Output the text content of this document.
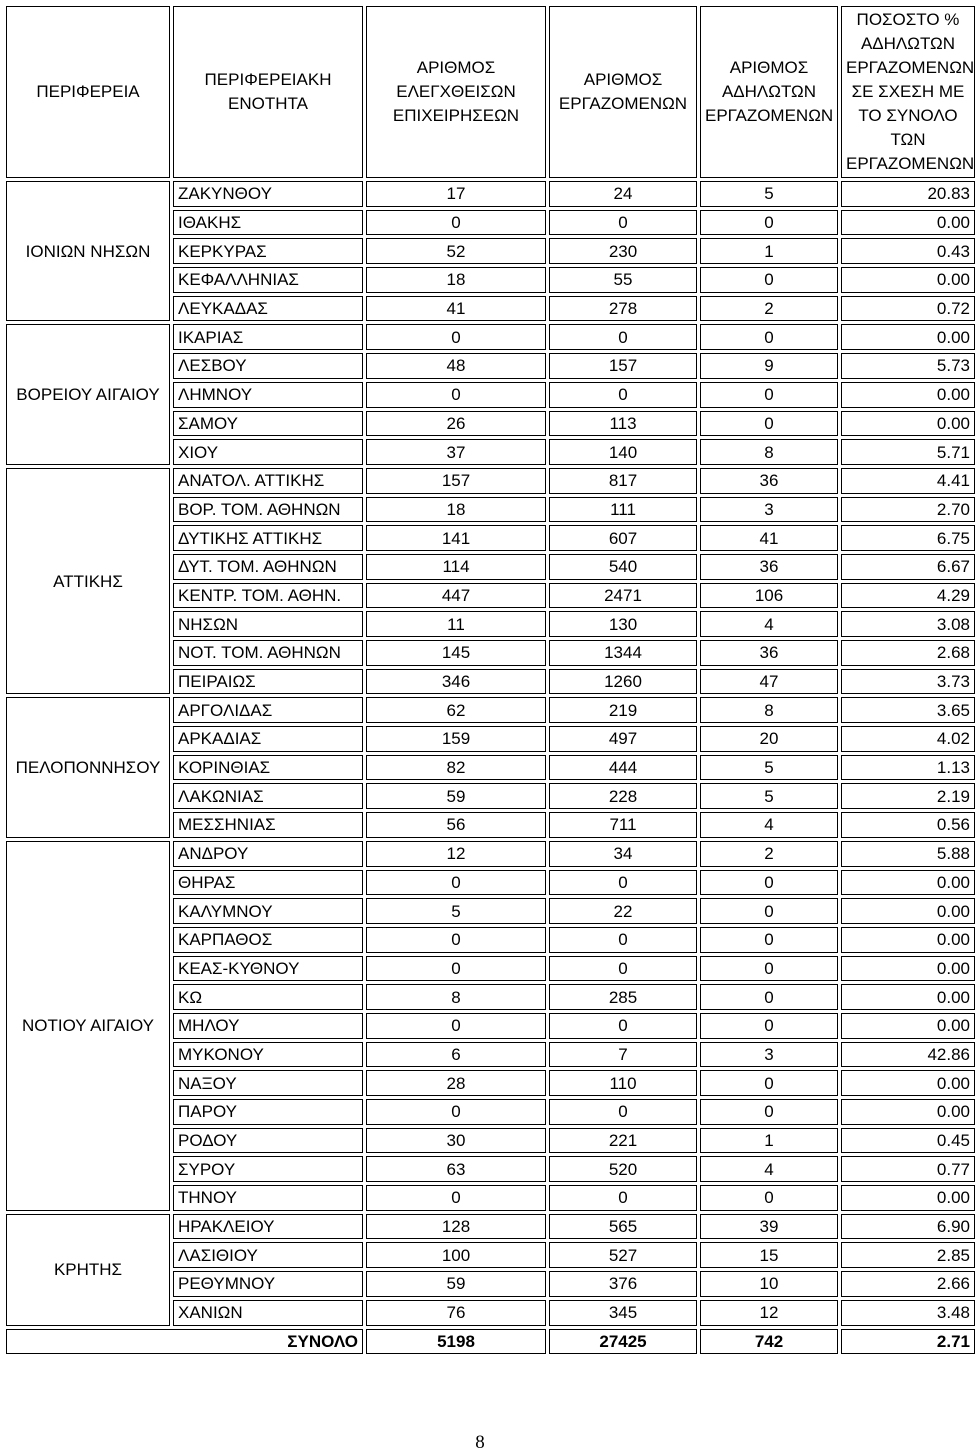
ΠΕΡΙΦΕΡΕΙΑ	ΠΕΡΙΦΕΡΕΙΑΚΗ ΕΝΟΤΗΤΑ	ΑΡΙΘΜΟΣ ΕΛΕΓΧΘΕΙΣΩΝ ΕΠΙΧΕΙΡΗΣΕΩΝ	ΑΡΙΘΜΟΣ ΕΡΓΑΖΟΜΕΝΩΝ	ΑΡΙΘΜΟΣ ΑΔΗΛΩΤΩΝ ΕΡΓΑΖΟΜΕΝΩΝ	ΠΟΣΟΣΤΟ % ΑΔΗΛΩΤΩΝ ΕΡΓΑΖΟΜΕΝΩΝ ΣΕ ΣΧΕΣΗ ΜΕ ΤΟ ΣΥΝΟΛΟ ΤΩΝ ΕΡΓΑΖΟΜΕΝΩΝ
ΙΟΝΙΩΝ ΝΗΣΩΝ	ΖΑΚΥΝΘΟΥ	17	24	5	20.83
	ΙΘΑΚΗΣ	0	0	0	0.00
	ΚΕΡΚΥΡΑΣ	52	230	1	0.43
	ΚΕΦΑΛΛΗΝΙΑΣ	18	55	0	0.00
	ΛΕΥΚΑΔΑΣ	41	278	2	0.72
ΒΟΡΕΙΟΥ ΑΙΓΑΙΟΥ	ΙΚΑΡΙΑΣ	0	0	0	0.00
	ΛΕΣΒΟΥ	48	157	9	5.73
	ΛΗΜΝΟΥ	0	0	0	0.00
	ΣΑΜΟΥ	26	113	0	0.00
	ΧΙΟΥ	37	140	8	5.71
ΑΤΤΙΚΗΣ	ΑΝΑΤΟΛ. ΑΤΤΙΚΗΣ	157	817	36	4.41
	ΒΟΡ. ΤΟΜ. ΑΘΗΝΩΝ	18	111	3	2.70
	ΔΥΤΙΚΗΣ ΑΤΤΙΚΗΣ	141	607	41	6.75
	ΔΥΤ. ΤΟΜ. ΑΘΗΝΩΝ	114	540	36	6.67
	ΚΕΝΤΡ. ΤΟΜ. ΑΘΗΝ.	447	2471	106	4.29
	ΝΗΣΩΝ	11	130	4	3.08
	ΝΟΤ. ΤΟΜ. ΑΘΗΝΩΝ	145	1344	36	2.68
	ΠΕΙΡΑΙΩΣ	346	1260	47	3.73
ΠΕΛΟΠΟΝΝΗΣΟΥ	ΑΡΓΟΛΙΔΑΣ	62	219	8	3.65
	ΑΡΚΑΔΙΑΣ	159	497	20	4.02
	ΚΟΡΙΝΘΙΑΣ	82	444	5	1.13
	ΛΑΚΩΝΙΑΣ	59	228	5	2.19
	ΜΕΣΣΗΝΙΑΣ	56	711	4	0.56
ΝΟΤΙΟΥ ΑΙΓΑΙΟΥ	ΑΝΔΡΟΥ	12	34	2	5.88
	ΘΗΡΑΣ	0	0	0	0.00
	ΚΑΛΥΜΝΟΥ	5	22	0	0.00
	ΚΑΡΠΑΘΟΣ	0	0	0	0.00
	ΚΕΑΣ-ΚΥΘΝΟΥ	0	0	0	0.00
	ΚΩ	8	285	0	0.00
	ΜΗΛΟΥ	0	0	0	0.00
	ΜΥΚΟΝΟΥ	6	7	3	42.86
	ΝΑΞΟΥ	28	110	0	0.00
	ΠΑΡΟΥ	0	0	0	0.00
	ΡΟΔΟΥ	30	221	1	0.45
	ΣΥΡΟΥ	63	520	4	0.77
	ΤΗΝΟΥ	0	0	0	0.00
ΚΡΗΤΗΣ	ΗΡΑΚΛΕΙΟΥ	128	565	39	6.90
	ΛΑΣΙΘΙΟΥ	100	527	15	2.85
	ΡΕΘΥΜΝΟΥ	59	376	10	2.66
	ΧΑΝΙΩΝ	76	345	12	3.48
ΣΥΝΟΛΟ		5198	27425	742	2.71
8
